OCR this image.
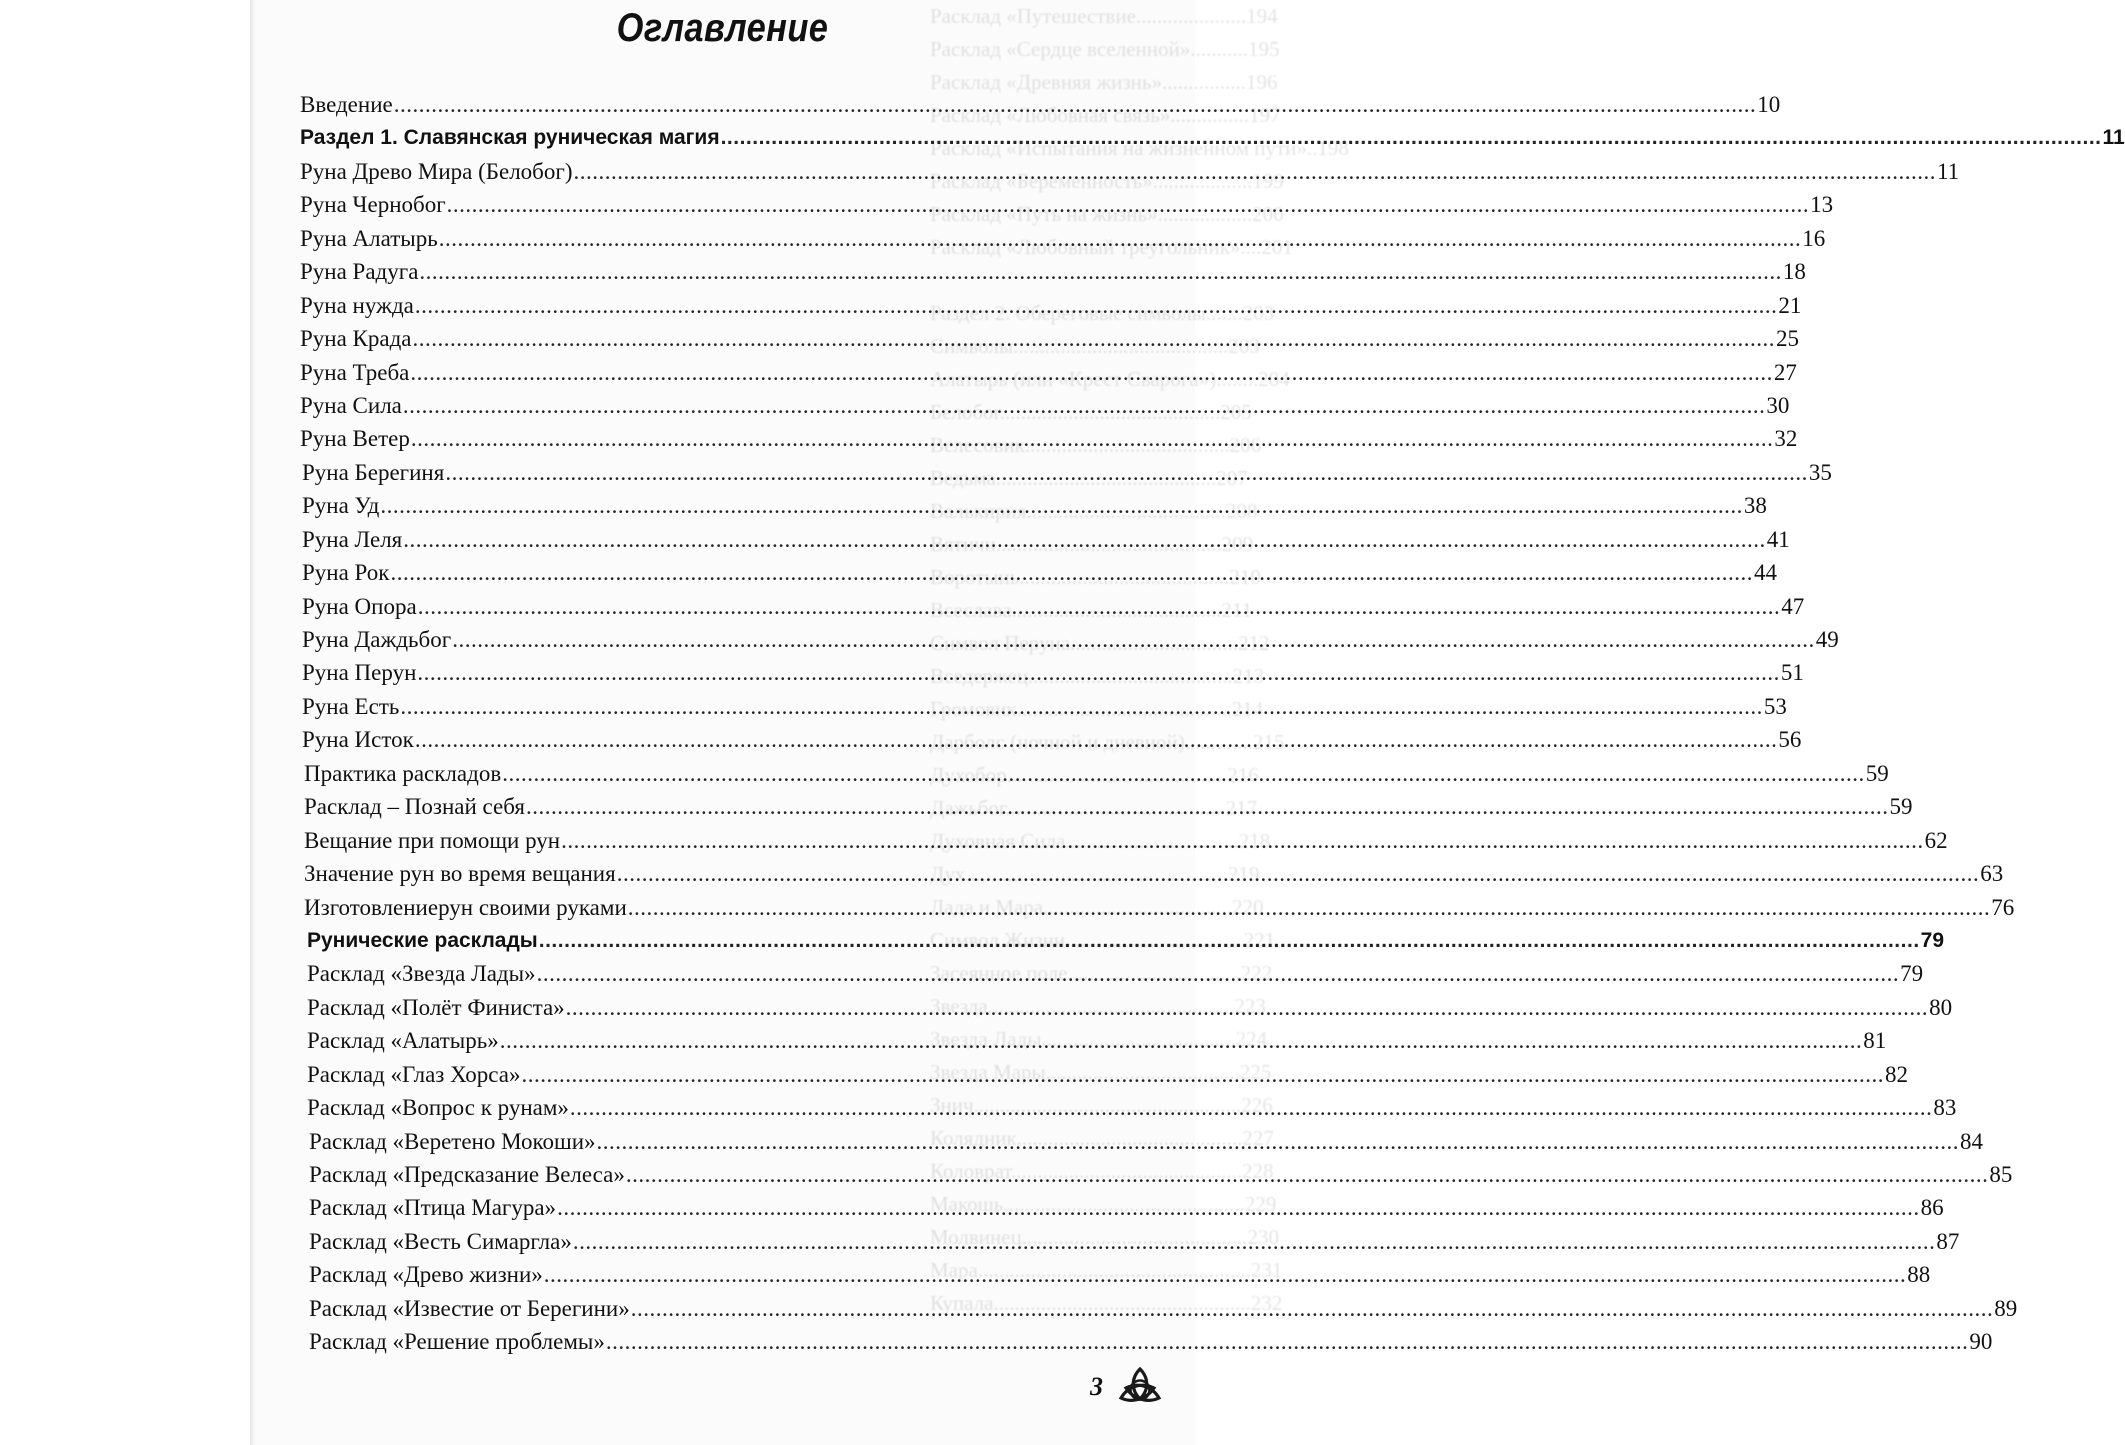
Расклад «Путешествие.....................194
Расклад «Сердце вселенной»...........195
Расклад «Древняя жизнь»................196
Расклад «Любовная связь»...............197
Расклад «Испытания на жизненном пути»..198
Расклад «Беременность»...................199
Расклад «Путь на жизнь»..................200
Расклад «Любовный треугольник»....201

Раздел 2. Обереговые символы.......203
Символы.........................................203
Алатырь (или «Крест Сварога»)........204
Белобог..........................................205
Велесовик.......................................206
Ведьма..........................................207
Валькирия......................................208
Вятичи...........................................209
Воротынь........................................210
Всеслава........................................211
Символ Перуна................................212
Вседержец.......................................213
Громовик.........................................214
Дарболс (ночной и дневной).............215
Духобор..........................................216
Дажьбог..........................................217
Духовная Сила.................................218
Дух..................................................219
Лада и Мара....................................220
Символ Жизни..................................221
Засеянное поле.................................222
Звезда...............................................223
Звезда Лады.....................................224
Звезда Мары.....................................225
Знич...................................................226
Колядник...........................................227
Коловрат............................................228
Макошь..............................................229
Молвинец...........................................230
Мара....................................................231
Купала.................................................232
Оглавление
Введение .....	10
Раздел 1. Славянская руническая магия .....	11
Руна Древо Мира (Белобог) .....	11
Руна Чернобог .....	13
Руна Алатырь .....	16
Руна Радуга .....	18
Руна нужда .....	21
Руна Крада .....	25
Руна Треба .....	27
Руна Сила .....	30
Руна Ветер .....	32
Руна Берегиня .....	35
Руна Уд .....	38
Руна Леля .....	41
Руна Рок .....	44
Руна Опора .....	47
Руна Даждьбог .....	49
Руна Перун .....	51
Руна Есть .....	53
Руна Исток .....	56
Практика раскладов .....	59
Расклад – Познай себя .....	59
Вещание при помощи рун .....	62
Значение рун во время вещания .....	63
Изготовлениерун своими руками .....	76
Рунические расклады .....	79
Расклад «Звезда Лады» .....	79
Расклад «Полёт Финиста» .....	80
Расклад «Алатырь» .....	81
Расклад «Глаз Хорса» .....	82
Расклад «Вопрос к рунам» .....	83
Расклад «Веретено Мокоши» .....	84
Расклад «Предсказание Велеса» .....	85
Расклад «Птица Магура» .....	86
Расклад «Весть Симаргла» .....	87
Расклад «Древо жизни» .....	88
Расклад «Известие от Берегини» .....	89
Расклад «Решение проблемы» .....	90
3
